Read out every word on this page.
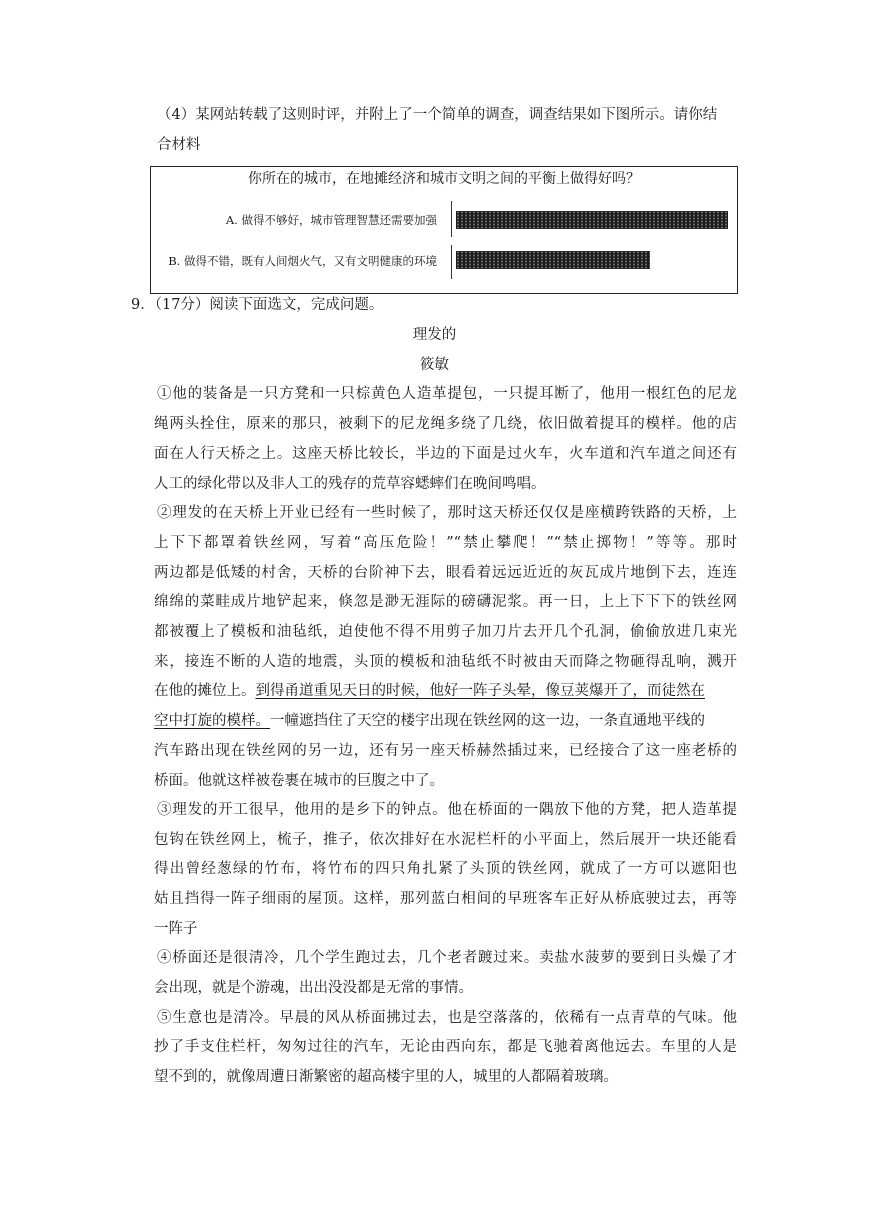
（4）某网站转载了这则时评，并附上了一个简单的调查，调查结果如下图所示。请你结
合材料
你所在的城市，在地摊经济和城市文明之间的平衡上做得好吗？
A. 做得不够好，城市管理智慧还需要加强
B. 做得不错，既有人间烟火气，又有文明健康的环境
9．（17分）阅读下面选文，完成问题。
理发的
筱敏
①他的装备是一只方凳和一只棕黄色人造革提包，一只提耳断了，他用一根红色的尼龙
绳两头拴住，原来的那只，被剩下的尼龙绳多绕了几绕，依旧做着提耳的模样。他的店
面在人行天桥之上。这座天桥比较长，半边的下面是过火车，火车道和汽车道之间还有
人工的绿化带以及非人工的残存的荒草容蟋蟀们在晚间鸣唱。
②理发的在天桥上开业已经有一些时候了，那时这天桥还仅仅是座横跨铁路的天桥，上
上下下都罩着铁丝网，写着“高压危险！”“禁止攀爬！”“禁止掷物！”等等。那时
两边都是低矮的村舍，天桥的台阶神下去，眼看着远远近近的灰瓦成片地倒下去，连连
绵绵的菜畦成片地铲起来，倏忽是渺无涯际的磅礴泥浆。再一日，上上下下下的铁丝网
都被覆上了模板和油毡纸，迫使他不得不用剪子加刀片去开几个孔洞，偷偷放进几束光
来，接连不断的人造的地震，头顶的模板和油毡纸不时被由天而降之物砸得乱响，溅开
在他的摊位上。到得甬道重见天日的时候，他好一阵子头晕，像豆荚爆开了，而徒然在
空中打旋的模样。一幢遮挡住了天空的楼宇出现在铁丝网的这一边，一条直通地平线的
汽车路出现在铁丝网的另一边，还有另一座天桥赫然插过来，已经接合了这一座老桥的
桥面。他就这样被卷裹在城市的巨腹之中了。
③理发的开工很早，他用的是乡下的钟点。他在桥面的一隅放下他的方凳，把人造革提
包钩在铁丝网上，梳子，推子，依次排好在水泥栏杆的小平面上，然后展开一块还能看
得出曾经葱绿的竹布，将竹布的四只角扎紧了头顶的铁丝网，就成了一方可以遮阳也
姑且挡得一阵子细雨的屋顶。这样，那列蓝白相间的早班客车正好从桥底驶过去，再等
一阵子
④桥面还是很清冷，几个学生跑过去，几个老者踱过来。卖盐水菠萝的要到日头燥了才
会出现，就是个游魂，出出没没都是无常的事情。
⑤生意也是清冷。早晨的风从桥面拂过去，也是空落落的，依稀有一点青草的气味。他
抄了手支住栏杆，匆匆过往的汽车，无论由西向东，都是飞驰着离他远去。车里的人是
望不到的，就像周遭日渐繁密的超高楼宇里的人，城里的人都隔着玻璃。
